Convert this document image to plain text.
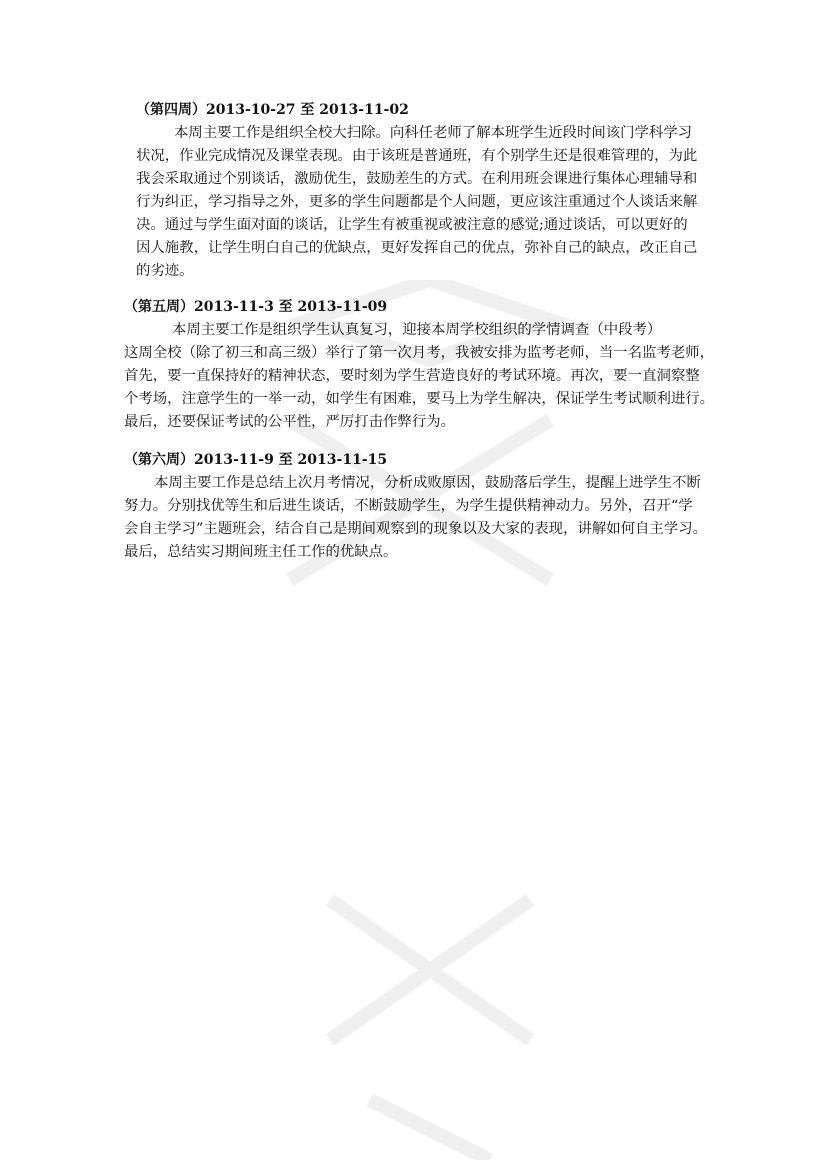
（第四周）2013-10-27 至 2013-11-02
本周主要工作是组织全校大扫除。向科任老师了解本班学生近段时间该门学科学习
状况，作业完成情况及课堂表现。由于该班是普通班，有个别学生还是很难管理的，为此
我会采取通过个别谈话，激励优生，鼓励差生的方式。在利用班会课进行集体心理辅导和
行为纠正，学习指导之外，更多的学生问题都是个人问题，更应该注重通过个人谈话来解
决。通过与学生面对面的谈话，让学生有被重视或被注意的感觉;通过谈话，可以更好的
因人施教，让学生明白自己的优缺点，更好发挥自己的优点，弥补自己的缺点，改正自己
的劣迹。
（第五周）2013-11-3 至 2013-11-09
本周主要工作是组织学生认真复习，迎接本周学校组织的学情调查（中段考）
这周全校（除了初三和高三级）举行了第一次月考，我被安排为监考老师，当一名监考老师，
首先，要一直保持好的精神状态，要时刻为学生营造良好的考试环境。再次，要一直洞察整
个考场，注意学生的一举一动，如学生有困难，要马上为学生解决，保证学生考试顺利进行。
最后，还要保证考试的公平性，严厉打击作弊行为。
（第六周）2013-11-9 至 2013-11-15
本周主要工作是总结上次月考情况，分析成败原因，鼓励落后学生，提醒上进学生不断
努力。分别找优等生和后进生谈话，不断鼓励学生，为学生提供精神动力。另外，召开“学
会自主学习”主题班会，结合自己是期间观察到的现象以及大家的表现，讲解如何自主学习。
最后，总结实习期间班主任工作的优缺点。
